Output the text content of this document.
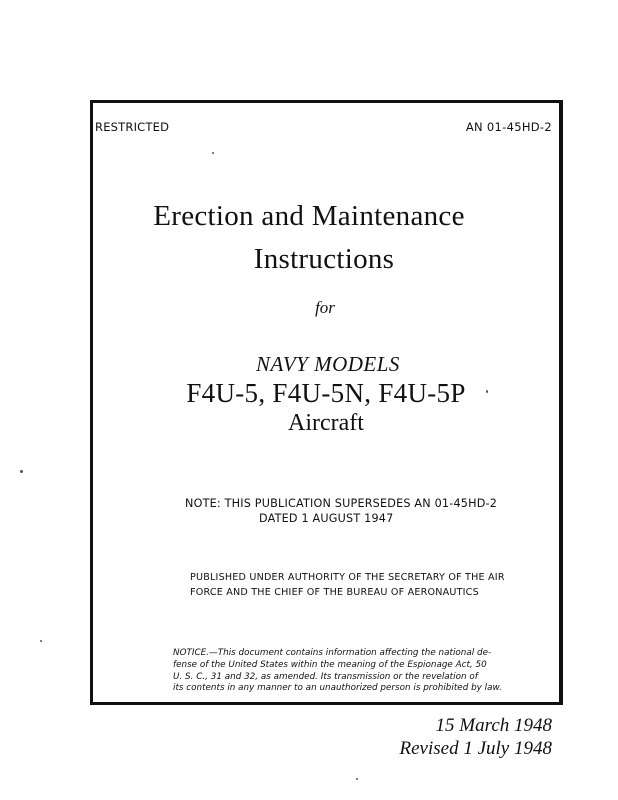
RESTRICTED	AN 01-45HD-2
Erection and Maintenance
Instructions
for
NAVY MODELS
F4U-5, F4U-5N, F4U-5P
Aircraft
NOTE: THIS PUBLICATION SUPERSEDES AN 01-45HD-2
DATED 1 AUGUST 1947
PUBLISHED UNDER AUTHORITY OF THE SECRETARY OF THE AIR
FORCE AND THE CHIEF OF THE BUREAU OF AERONAUTICS

NOTICE.—This document contains information affecting the national de-

fense of the United States within the meaning of the Espionage Act, 50

U. S. C., 31 and 32, as amended. Its transmission or the revelation of

its contents in any manner to an unauthorized person is prohibited by law.

15 March 1948
Revised 1 July 1948
